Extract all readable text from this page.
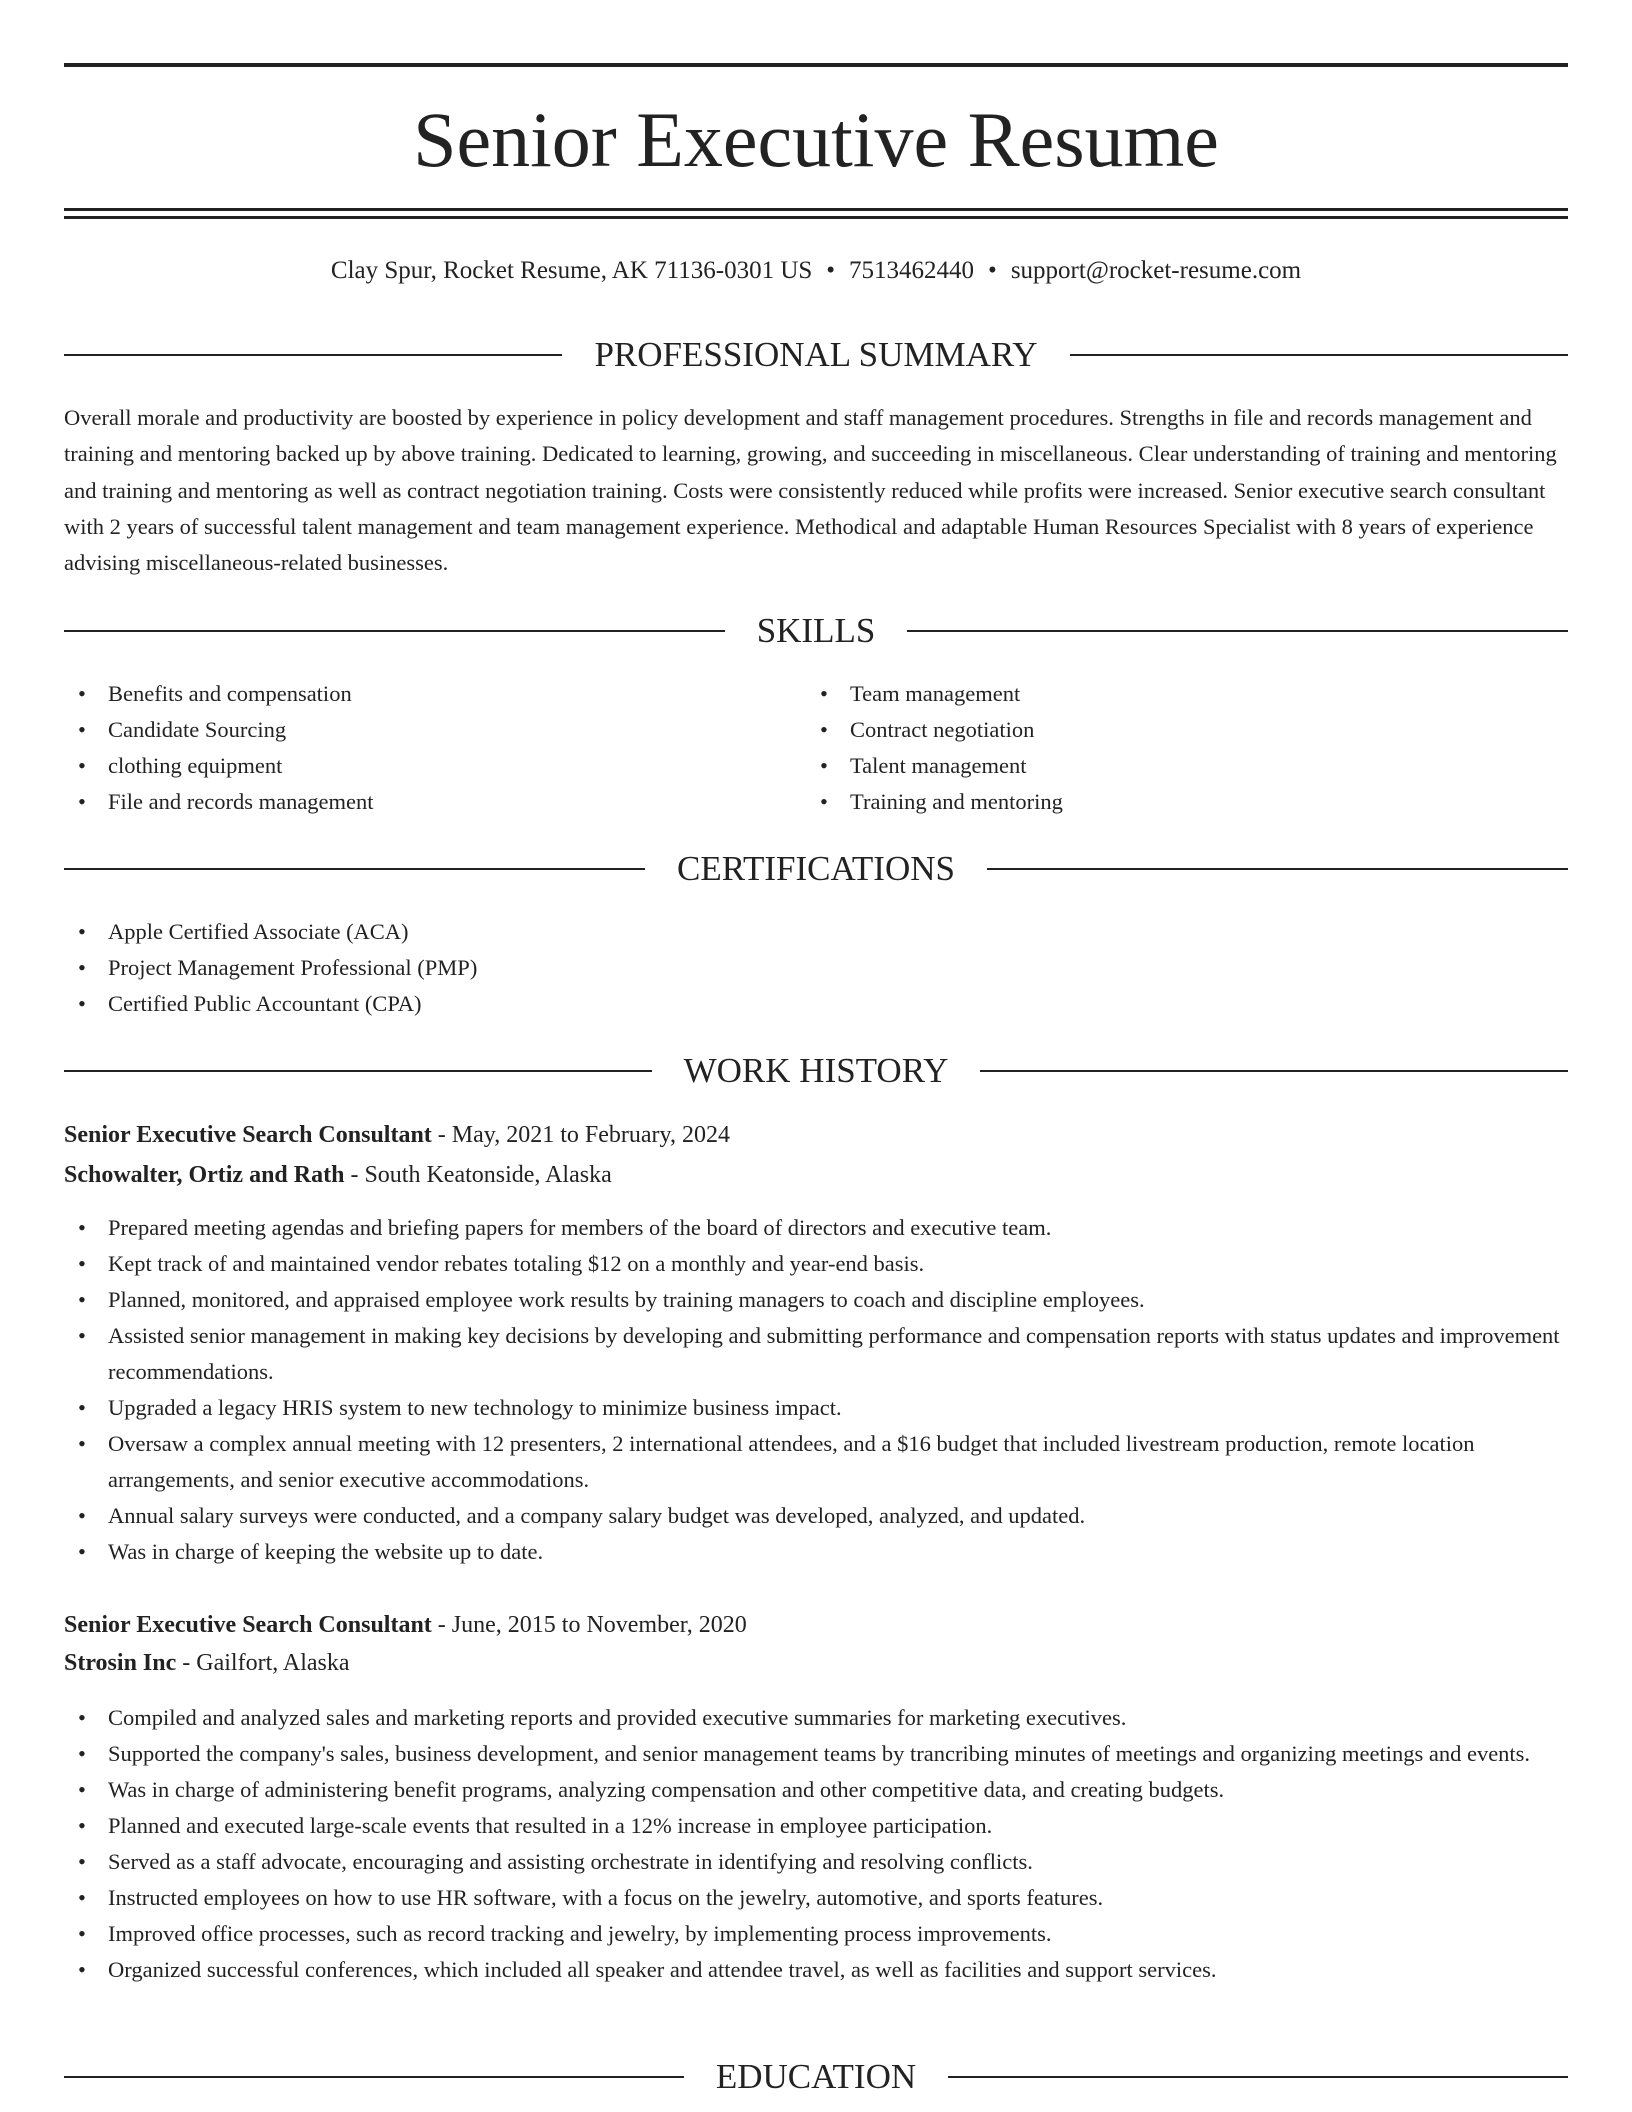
Senior Executive Resume
Clay Spur, Rocket Resume, AK 71136-0301 US • 7513462440 • support@rocket-resume.com
PROFESSIONAL SUMMARY

Overall morale and productivity are boosted by experience in policy development and staff management procedures. Strengths in file and records management and training and mentoring backed up by above training. Dedicated to learning, growing, and succeeding in miscellaneous. Clear understanding of training and mentoring and training and mentoring as well as contract negotiation training. Costs were consistently reduced while profits were increased. Senior executive search consultant with 2 years of successful talent management and team management experience. Methodical and adaptable Human Resources Specialist with 8 years of experience advising miscellaneous-related businesses.

SKILLS
• Benefits and compensation
• Candidate Sourcing
• clothing equipment
• File and records management
• Team management
• Contract negotiation
• Talent management
• Training and mentoring
CERTIFICATIONS
• Apple Certified Associate (ACA)
• Project Management Professional (PMP)
• Certified Public Accountant (CPA)
WORK HISTORY
Senior Executive Search Consultant - May, 2021 to February, 2024
Schowalter, Ortiz and Rath - South Keatonside, Alaska
• Prepared meeting agendas and briefing papers for members of the board of directors and executive team.
• Kept track of and maintained vendor rebates totaling $12 on a monthly and year-end basis.
• Planned, monitored, and appraised employee work results by training managers to coach and discipline employees.
• Assisted senior management in making key decisions by developing and submitting performance and compensation reports with status updates and improvement recommendations.
• Upgraded a legacy HRIS system to new technology to minimize business impact.
• Oversaw a complex annual meeting with 12 presenters, 2 international attendees, and a $16 budget that included livestream production, remote location arrangements, and senior executive accommodations.
• Annual salary surveys were conducted, and a company salary budget was developed, analyzed, and updated.
• Was in charge of keeping the website up to date.
Senior Executive Search Consultant - June, 2015 to November, 2020
Strosin Inc - Gailfort, Alaska
• Compiled and analyzed sales and marketing reports and provided executive summaries for marketing executives.
• Supported the company's sales, business development, and senior management teams by trancribing minutes of meetings and organizing meetings and events.
• Was in charge of administering benefit programs, analyzing compensation and other competitive data, and creating budgets.
• Planned and executed large-scale events that resulted in a 12% increase in employee participation.
• Served as a staff advocate, encouraging and assisting orchestrate in identifying and resolving conflicts.
• Instructed employees on how to use HR software, with a focus on the jewelry, automotive, and sports features.
• Improved office processes, such as record tracking and jewelry, by implementing process improvements.
• Organized successful conferences, which included all speaker and attendee travel, as well as facilities and support services.
EDUCATION
